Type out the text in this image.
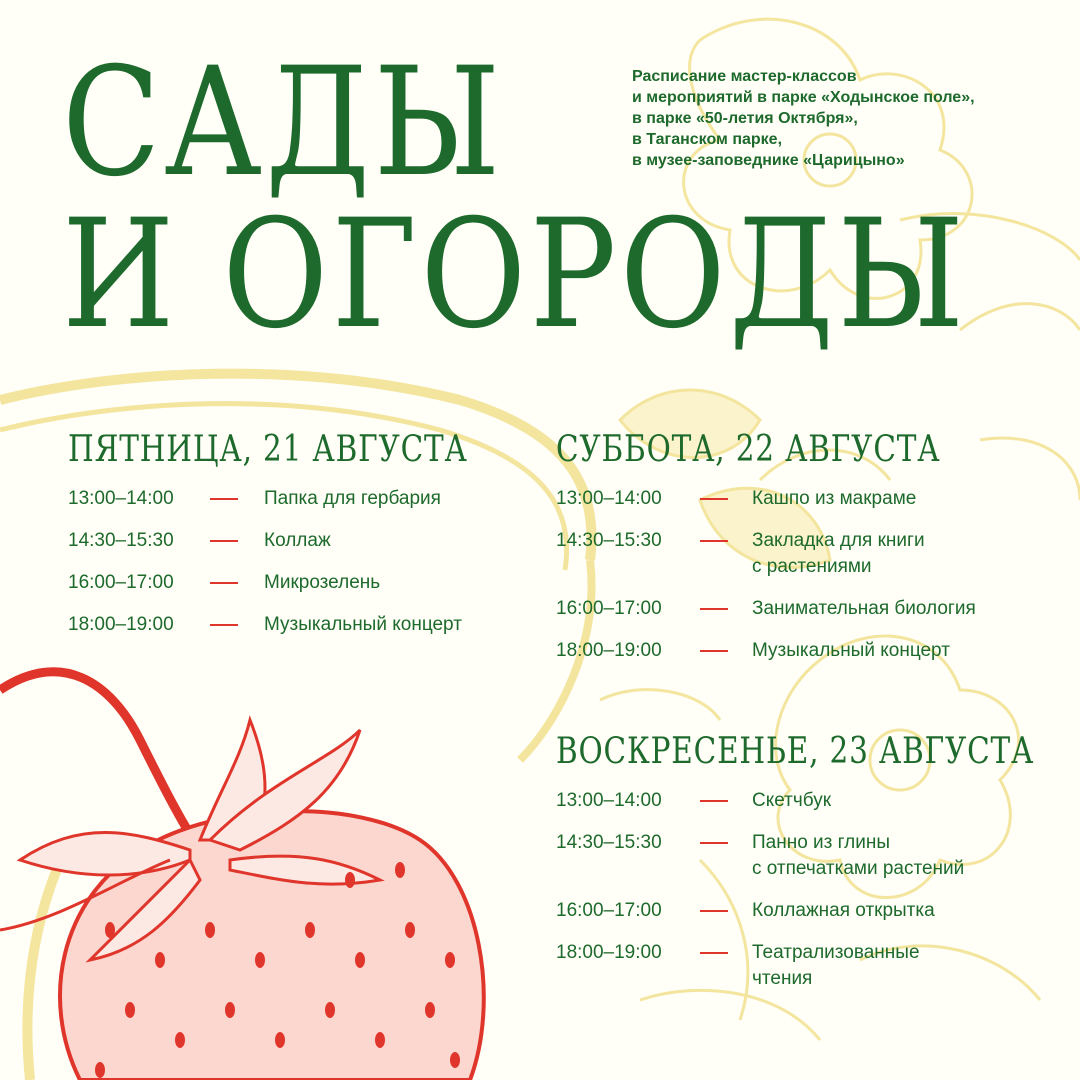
САДЫ
И ОГОРОДЫ
Расписание мастер-классов
и мероприятий в парке «Ходынское поле»,
в парке «50-летия Октября»,
в Таганском парке,
в музее-заповеднике «Царицыно»
ПЯТНИЦА, 21 АВГУСТА
13:00–14:00	Папка для гербария
14:30–15:30	Коллаж
16:00–17:00	Микрозелень
18:00–19:00	Музыкальный концерт
СУББОТА, 22 АВГУСТА
13:00–14:00	Кашпо из макраме
14:30–15:30	Закладка для книги
с растениями
16:00–17:00	Занимательная биология
18:00–19:00	Музыкальный концерт
ВОСКРЕСЕНЬЕ, 23 АВГУСТА
13:00–14:00	Скетчбук
14:30–15:30	Панно из глины
с отпечатками растений
16:00–17:00	Коллажная открытка
18:00–19:00	Театрализованные
чтения
